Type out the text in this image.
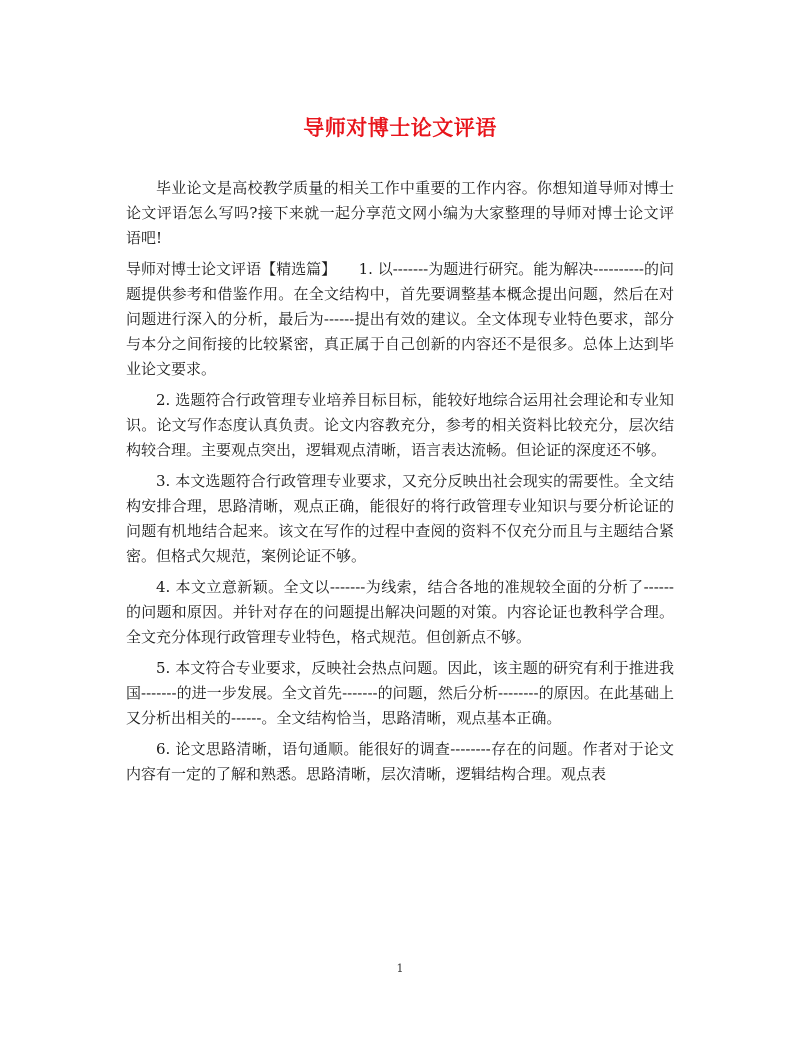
导师对博士论文评语

毕业论文是高校教学质量的相关工作中重要的工作内容。你想知道导师对博士论文评语怎么写吗?接下来就一起分享范文网小编为大家整理的导师对博士论文评语吧!

导师对博士论文评语【精选篇】　　1. 以-------为题进行研究。能为解决----------的问题提供参考和借鉴作用。在全文结构中，首先要调整基本概念提出问题，然后在对问题进行深入的分析，最后为------提出有效的建议。全文体现专业特色要求，部分与本分之间衔接的比较紧密，真正属于自己创新的内容还不是很多。总体上达到毕业论文要求。

2. 选题符合行政管理专业培养目标目标，能较好地综合运用社会理论和专业知识。论文写作态度认真负责。论文内容教充分，参考的相关资料比较充分，层次结构较合理。主要观点突出，逻辑观点清晰，语言表达流畅。但论证的深度还不够。

3. 本文选题符合行政管理专业要求，又充分反映出社会现实的需要性。全文结构安排合理，思路清晰，观点正确，能很好的将行政管理专业知识与要分析论证的问题有机地结合起来。该文在写作的过程中查阅的资料不仅充分而且与主题结合紧密。但格式欠规范，案例论证不够。

4. 本文立意新颖。全文以-------为线索，结合各地的准规较全面的分析了------的问题和原因。并针对存在的问题提出解决问题的对策。内容论证也教科学合理。全文充分体现行政管理专业特色，格式规范。但创新点不够。

5. 本文符合专业要求，反映社会热点问题。因此，该主题的研究有利于推进我国-------的进一步发展。全文首先-------的问题，然后分析--------的原因。在此基础上又分析出相关的------。全文结构恰当，思路清晰，观点基本正确。

6. 论文思路清晰，语句通顺。能很好的调查--------存在的问题。作者对于论文内容有一定的了解和熟悉。思路清晰，层次清晰，逻辑结构合理。观点表

1
